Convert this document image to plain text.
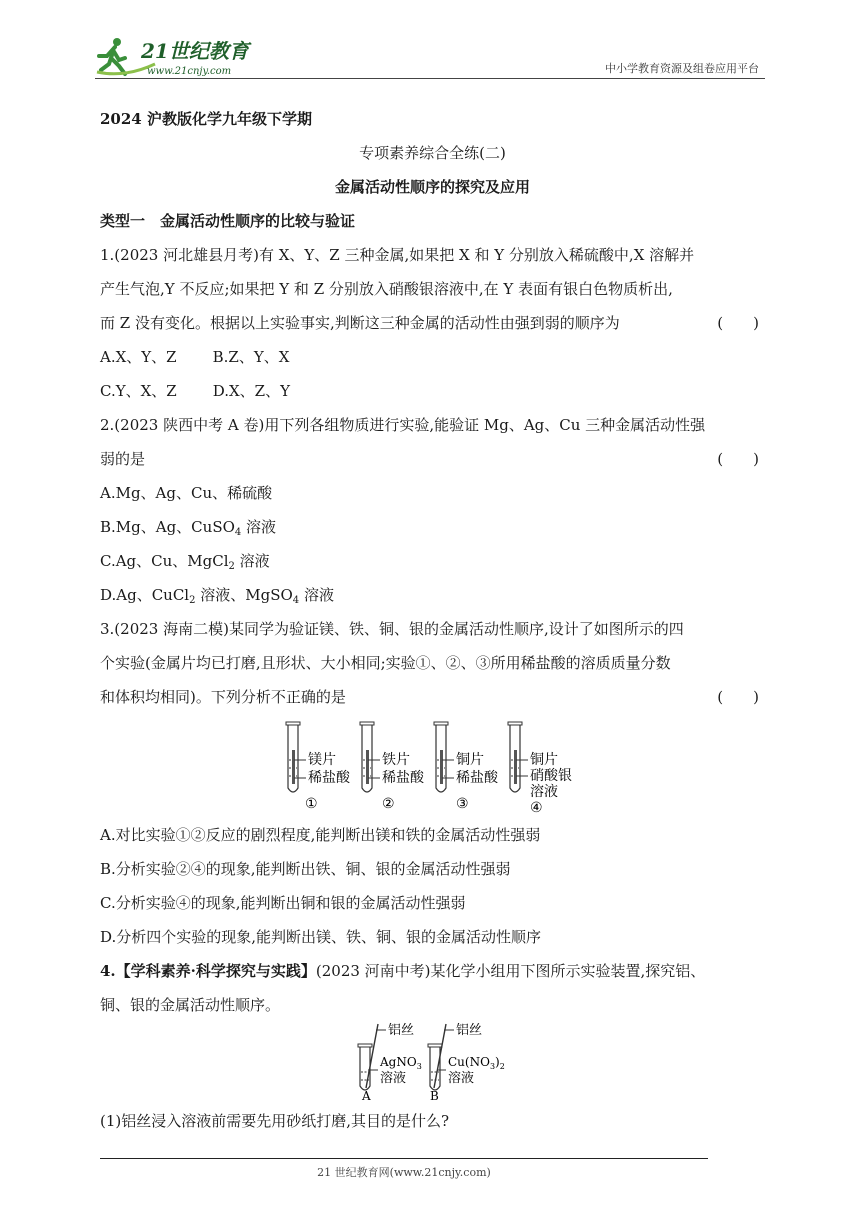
21世纪教育
www.21cnjy.com	中小学教育资源及组卷应用平台
2024 沪教版化学九年级下学期
专项素养综合全练(二)
金属活动性顺序的探究及应用
类型一　金属活动性顺序的比较与验证
1.(2023 河北雄县月考)有 X、Y、Z 三种金属,如果把 X 和 Y 分别放入稀硫酸中,X 溶解并
产生气泡,Y 不反应;如果把 Y 和 Z 分别放入硝酸银溶液中,在 Y 表面有银白色物质析出,
而 Z 没有变化。根据以上实验事实,判断这三种金属的活动性由强到弱的顺序为	(　　)
A.X、Y、Z B.Z、Y、X
C.Y、X、Z D.X、Z、Y
2.(2023 陕西中考 A 卷)用下列各组物质进行实验,能验证 Mg、Ag、Cu 三种金属活动性强
弱的是	(　　)
A.Mg、Ag、Cu、稀硫酸
B.Mg、Ag、CuSO$_4$ 溶液
C.Ag、Cu、MgCl$_2$ 溶液
D.Ag、CuCl$_2$ 溶液、MgSO$_4$ 溶液
3.(2023 海南二模)某同学为验证镁、铁、铜、银的金属活动性顺序,设计了如图所示的四
个实验(金属片均已打磨,且形状、大小相同;实验①、②、③所用稀盐酸的溶质质量分数
和体积均相同)。下列分析不正确的是	(　　)
镁片
稀盐酸
①
铁片
稀盐酸
②
铜片
稀盐酸
③
铜片
硝酸银
溶液
④
A.对比实验①②反应的剧烈程度,能判断出镁和铁的金属活动性强弱
B.分析实验②④的现象,能判断出铁、铜、银的金属活动性强弱
C.分析实验④的现象,能判断出铜和银的金属活动性强弱
D.分析四个实验的现象,能判断出镁、铁、铜、银的金属活动性顺序
4.【学科素养·科学探究与实践】(2023 河南中考)某化学小组用下图所示实验装置,探究铝、
铜、银的金属活动性顺序。
铝丝
AgNO$_3$
溶液
A
铝丝
$Cu(NO_3)_2$
溶液
B
(1)铝丝浸入溶液前需要先用砂纸打磨,其目的是什么?
21 世纪教育网(www.21cnjy.com)
